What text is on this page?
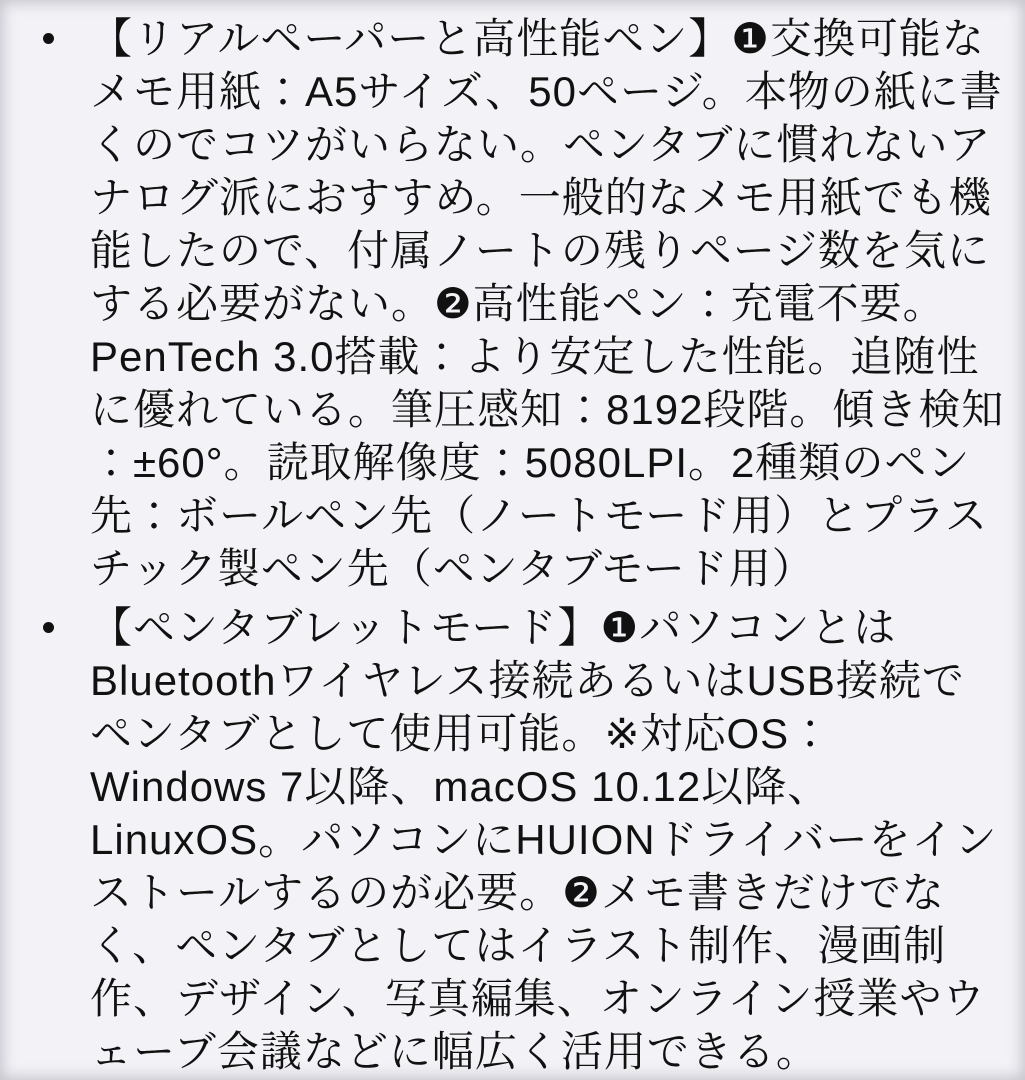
【リアルペーパーと高性能ペン】❶交換可能なメモ用紙：A5サイズ、50ページ。本物の紙に書くのでコツがいらない。ペンタブに慣れないアナログ派におすすめ。一般的なメモ用紙でも機能したので、付属ノートの残りページ数を気にする必要がない。❷高性能ペン：充電不要。PenTech 3.0搭載：より安定した性能。追随性に優れている。筆圧感知：8192段階。傾き検知：±60°。読取解像度：5080LPI。2種類のペン先：ボールペン先（ノートモード用）とプラスチック製ペン先（ペンタブモード用）
【ペンタブレットモード】❶パソコンとはBluetoothワイヤレス接続あるいはUSB接続でペンタブとして使用可能。※対応OS：Windows 7以降、macOS 10.12以降、LinuxOS。パソコンにHUIONドライバーをインストールするのが必要。❷メモ書きだけでなく、ペンタブとしてはイラスト制作、漫画制作、デザイン、写真編集、オンライン授業やウェーブ会議などに幅広く活用できる。
